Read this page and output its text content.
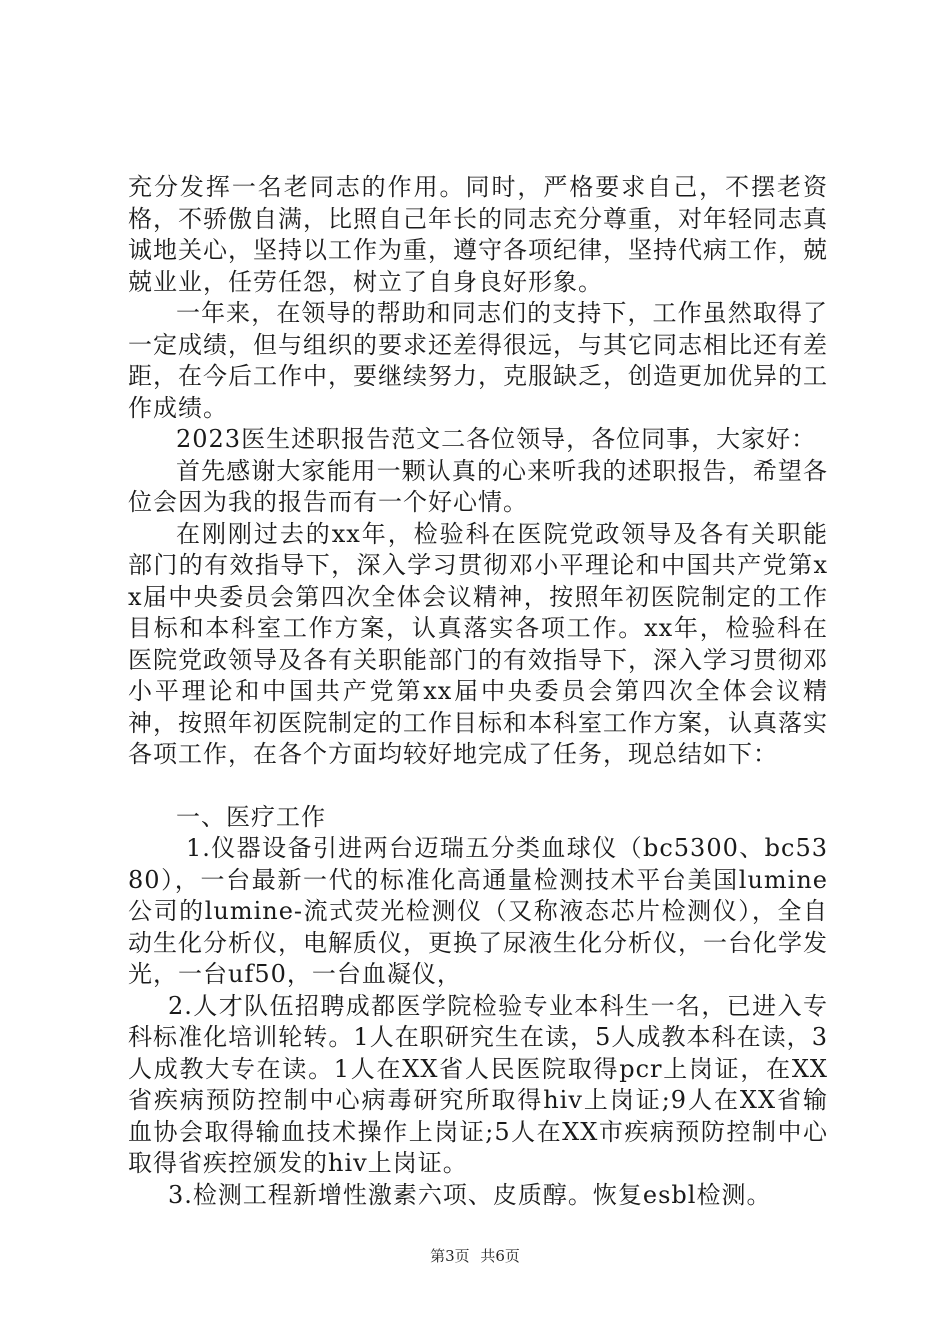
充分发挥一名老同志的作用。同时，严格要求自己，不摆老资格，不骄傲自满，比照自己年长的同志充分尊重，对年轻同志真诚地关心，坚持以工作为重，遵守各项纪律，坚持代病工作，兢兢业业，任劳任怨，树立了自身良好形象。

一年来，在领导的帮助和同志们的支持下，工作虽然取得了一定成绩，但与组织的要求还差得很远，与其它同志相比还有差距，在今后工作中，要继续努力，克服缺乏，创造更加优异的工作成绩。

2023医生述职报告范文二各位领导，各位同事，大家好：

首先感谢大家能用一颗认真的心来听我的述职报告，希望各位会因为我的报告而有一个好心情。

在刚刚过去的xx年，检验科在医院党政领导及各有关职能部门的有效指导下，深入学习贯彻邓小平理论和中国共产党第xx届中央委员会第四次全体会议精神，按照年初医院制定的工作目标和本科室工作方案，认真落实各项工作。xx年，检验科在医院党政领导及各有关职能部门的有效指导下，深入学习贯彻邓小平理论和中国共产党第xx届中央委员会第四次全体会议精神，按照年初医院制定的工作目标和本科室工作方案，认真落实各项工作，在各个方面均较好地完成了任务，现总结如下：

一、医疗工作

1.仪器设备引进两台迈瑞五分类血球仪（bc5300、bc5380），一台最新一代的标准化高通量检测技术平台美国lumine公司的lumine-流式荧光检测仪（又称液态芯片检测仪），全自动生化分析仪，电解质仪，更换了尿液生化分析仪，一台化学发光，一台uf50，一台血凝仪，

2.人才队伍招聘成都医学院检验专业本科生一名，已进入专科标准化培训轮转。1人在职研究生在读，5人成教本科在读，3人成教大专在读。1人在XX省人民医院取得pcr上岗证，在XX省疾病预防控制中心病毒研究所取得hiv上岗证;9人在XX省输血协会取得输血技术操作上岗证;5人在XX市疾病预防控制中心取得省疾控颁发的hiv上岗证。

3.检测工程新增性激素六项、皮质醇。恢复esbl检测。

第3页 共6页
